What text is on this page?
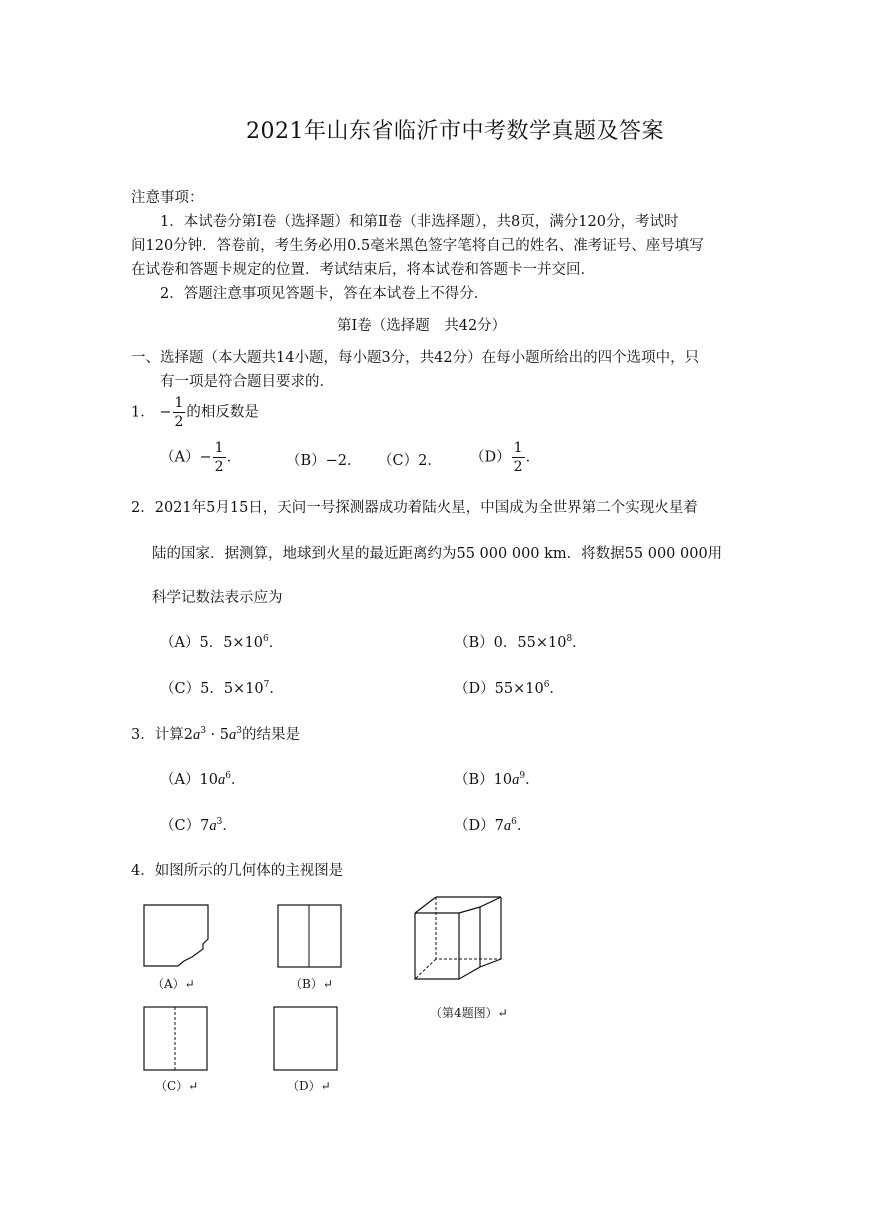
2021年山东省临沂市中考数学真题及答案
注意事项：
1．本试卷分第Ⅰ卷（选择题）和第Ⅱ卷（非选择题），共8页，满分120分，考试时
间120分钟．答卷前，考生务必用0.5毫米黑色签字笔将自己的姓名、准考证号、座号填写
在试卷和答题卡规定的位置．考试结束后，将本试卷和答题卡一并交回．
2．答题注意事项见答题卡，答在本试卷上不得分．
第Ⅰ卷（选择题　共42分）
一、选择题（本大题共14小题，每小题3分，共42分）在每小题所给出的四个选项中，只
有一项是符合题目要求的．
1． − $\frac{1}{2}$ 的相反数是
$(A)- \frac{1}{2}$ ．	（B）−2． （C）2． $(D) \frac{1}{2}$ ．
2．2021年5月15日，天问一号探测器成功着陆火星，中国成为全世界第二个实现火星着
陆的国家．据测算，地球到火星的最近距离约为55 000 000 km．将数据55 000 000用
科学记数法表示应为
（A）5．$5\times 10^6$．	（B）0．$55\times 10^8$．
（C）5．$5\times 10^7$．	$(D)55\times 10^6$．
3．计算$2a^3 \cdot 5a^3$的结果是
$(A)10a^6$．	$(B)10a^9$．
$(C)7a^3$．	$(D)7a^6$．
4．如图所示的几何体的主视图是
（A）↵	（B）↵
（C）↵	（D）↵
（第4题图）↵
